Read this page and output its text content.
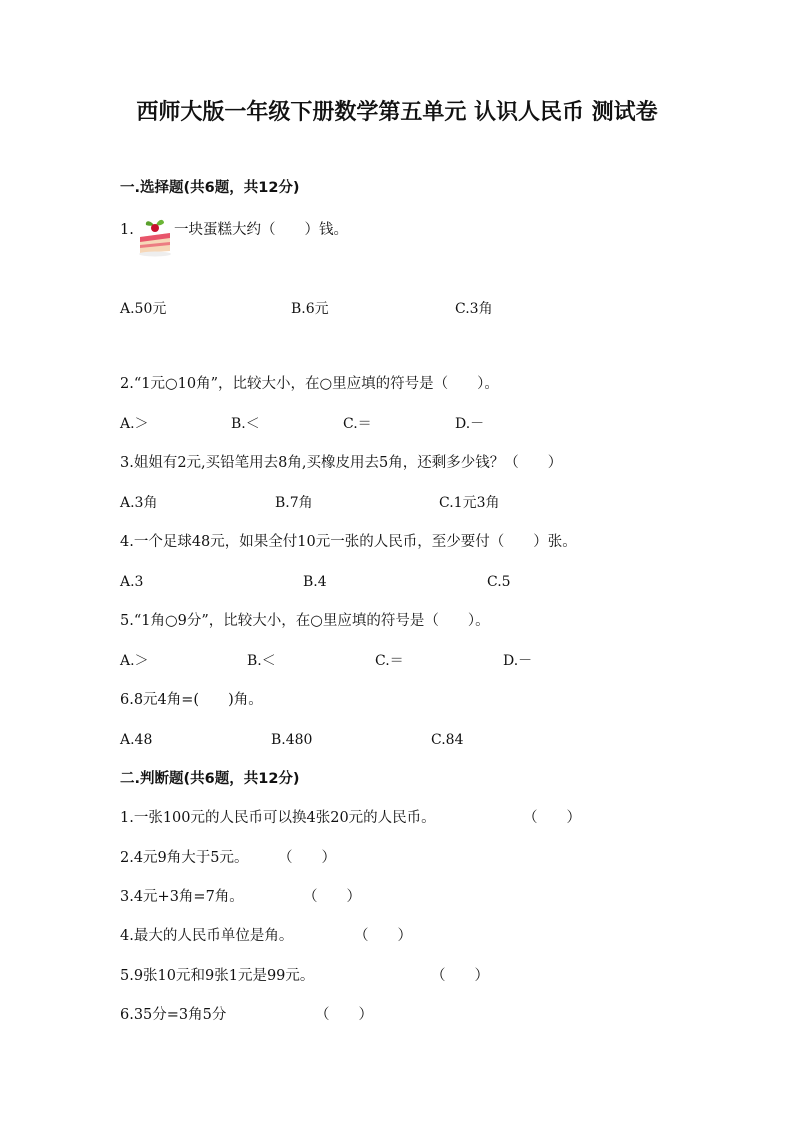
西师大版一年级下册数学第五单元 认识人民币 测试卷
一.选择题(共6题，共12分)
1.	一块蛋糕大约（　　）钱。
A.50元	B.6元	C.3角
2.“1元○10角”，比较大小，在○里应填的符号是（　　）。
A.＞	B.＜	C.＝	D.－
3.姐姐有2元,买铅笔用去8角,买橡皮用去5角，还剩多少钱？（　　）
A.3角	B.7角	C.1元3角
4.一个足球48元，如果全付10元一张的人民币，至少要付（　　）张。
A.3	B.4	C.5
5.“1角○9分”，比较大小，在○里应填的符号是（　　）。
A.＞	B.＜	C.＝	D.－
6.8元4角=(　　)角。
A.48	B.480	C.84
二.判断题(共6题，共12分)
1.一张100元的人民币可以换4张20元的人民币。	（　　）
2.4元9角大于5元。 （　　）
3.4元+3角=7角。	（　　）
4.最大的人民币单位是角。	（　　）
5.9张10元和9张1元是99元。	（　　）
6.35分=3角5分	（　　）
